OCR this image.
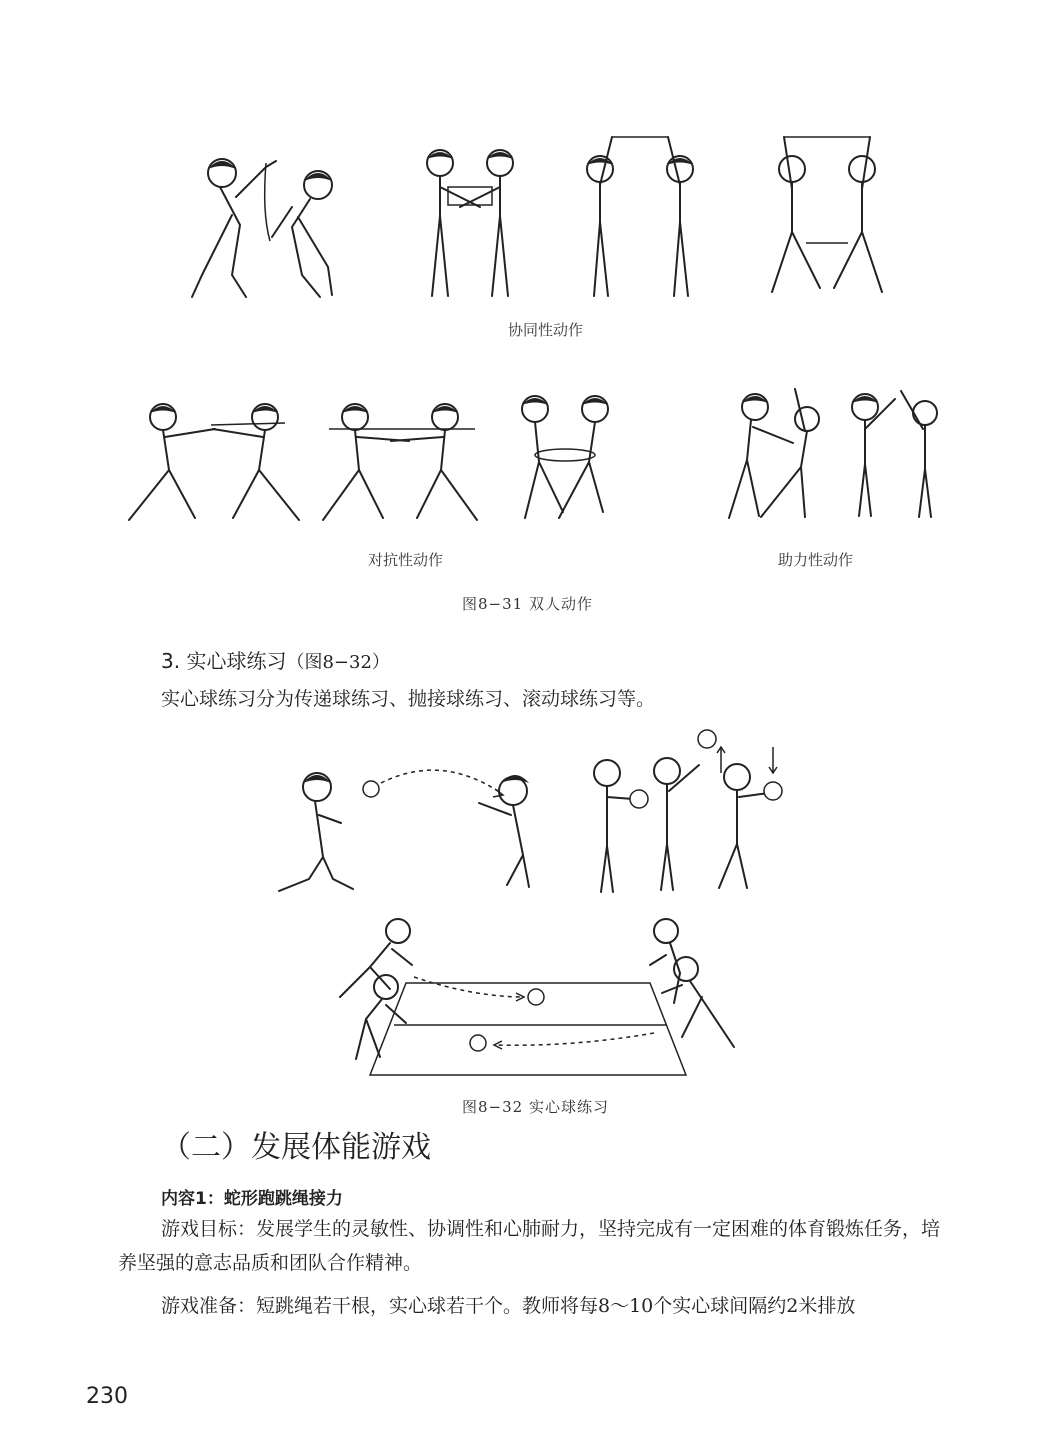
协同性动作
对抗性动作	助力性动作
图8−31 双人动作
3. 实心球练习（图8−32）
实心球练习分为传递球练习、抛接球练习、滚动球练习等。
图8−32 实心球练习
（二）发展体能游戏
内容1：蛇形跑跳绳接力
游戏目标：发展学生的灵敏性、协调性和心肺耐力，坚持完成有一定困难的体育锻炼任务，培养坚强的意志品质和团队合作精神。
游戏准备：短跳绳若干根，实心球若干个。教师将每8～10个实心球间隔约2米排放
230
